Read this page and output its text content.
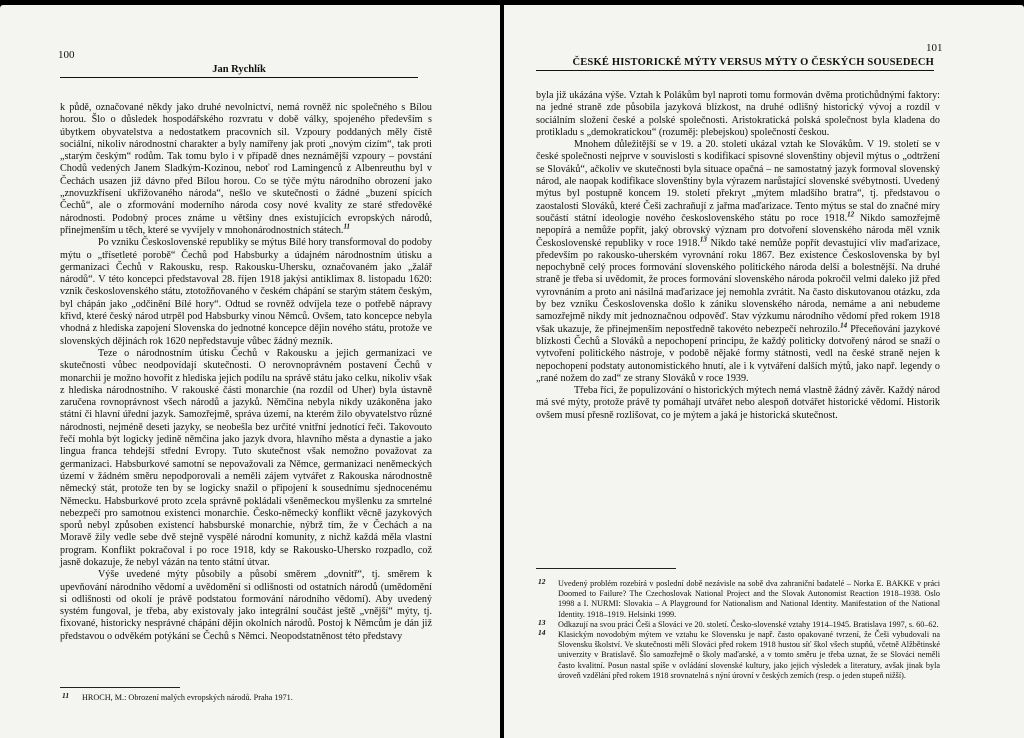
100
Jan Rychlík

k půdě, označované někdy jako druhé nevolnictví, nemá rovněž nic společného s Bílou horou. Šlo o důsledek hospodářského rozvratu v době války, spojeného především s úbytkem obyvatelstva a nedostatkem pracovních sil. Vzpoury poddaných měly čistě sociální, nikoliv národnostní charakter a byly namířeny jak proti „novým cizím“, tak proti „starým českým“ rodům. Tak tomu bylo i v případě dnes neznámější vzpoury – povstání Chodů vedených Janem Sladkým-Kozinou, neboť rod Lamingenců z Albenreuthu byl v Čechách usazen již dávno před Bílou horou. Co se týče mýtu národního obrození jako „znovuzkřísení ukřižovaného národa“, nešlo ve skutečnosti o žádné „buzení spících Čechů“, ale o zformování moderního národa cosy nové kvality ze staré středověké národnosti. Podobný proces známe u většiny dnes existujících evropských národů, přinejmenším u těch, které se vyvíjely v mnohonárodnostních státech.$^{11}$

Po vzniku Československé republiky se mýtus Bílé hory transformoval do podoby mýtu o „třísetleté porobě“ Čechů pod Habsburky a údajném národnostním útisku a germanizaci Čechů v Rakousku, resp. Rakousku-Uhersku, označovaném jako „žalář národů“. V této koncepci představoval 28. říjen 1918 jakýsi antiklimax 8. listopadu 1620: vznik československého státu, ztotožňovaného v českém chápání se starým státem českým, byl chápán jako „odčinění Bílé hory“. Odtud se rovněž odvíjela teze o potřebě nápravy křivd, které český národ utrpěl pod Habsburky vinou Němců. Ovšem, tato koncepce nebyla vhodná z hlediska zapojení Slovenska do jednotné koncepce dějin nového státu, protože ve slovenských dějinách rok 1620 nepředstavuje vůbec žádný mezník.

Teze o národnostním útisku Čechů v Rakousku a jejich germanizaci ve skutečnosti vůbec neodpovídají skutečnosti. O nerovnoprávném postavení Čechů v monarchii je možno hovořit z hlediska jejich podílu na správě státu jako celku, nikoliv však z hlediska národnostního. V rakouské části monarchie (na rozdíl od Uher) byla ústavně zaručena rovnoprávnost všech národů a jazyků. Němčina nebyla nikdy uzákoněna jako státní či hlavní úřední jazyk. Samozřejmě, správa území, na kterém žilo obyvatelstvo různé národnosti, nejméně deseti jazyky, se neobešla bez určité vnitřní jednotící řeči. Takovouto řečí mohla být logicky jedině němčina jako jazyk dvora, hlavního města a dynastie a jako lingua franca tehdejší střední Evropy. Tuto skutečnost však nemožno považovat za germanizaci. Habsburkové samotní se nepovažovali za Němce, germanizaci neněmeckých území v žádném směru nepodporovali a neměli zájem vytvářet z Rakouska národnostně německý stát, protože ten by se logicky snažil o připojení k sousednímu sjednocenému Německu. Habsburkové proto zcela správně pokládali všeněmeckou myšlenku za smrtelné nebezpečí pro samotnou existenci monarchie. Česko-německý konflikt věcně jazykových sporů nebyl způsoben existencí habsburské monarchie, nýbrž tím, že v Čechách a na Moravě žily vedle sebe dvě stejně vyspělé národní komunity, z nichž každá měla vlastní program. Konflikt pokračoval i po roce 1918, kdy se Rakousko-Uhersko rozpadlo, což jasně dokazuje, že nebyl vázán na tento státní útvar.

Výše uvedené mýty působily a působí směrem „dovnitř“, tj. směrem k upevňování národního vědomí a uvědomění si odlišnosti od ostatních národů (umědomění si odlišnosti od okolí je právě podstatou formování národního vědomí). Aby uvedený systém fungoval, je třeba, aby existovaly jako integrální součást ještě „vnější“ mýty, tj. fixované, historicky nesprávné chápání dějin okolních národů. Postoj k Němcům je dán již představou o odvěkém potýkání se Čechů s Němci. Neopodstatněnost této představy

11 HROCH, M.: Obrození malých evropských národů. Praha 1971.
101
ČESKÉ HISTORICKÉ MÝTY VERSUS MÝTY O ČESKÝCH SOUSEDECH

byla již ukázána výše. Vztah k Polákům byl naproti tomu formován dvěma protichůdnými faktory: na jedné straně zde působila jazyková blízkost, na druhé odlišný historický vývoj a rozdíl v sociálním složení české a polské společnosti. Aristokratická polská společnost byla kladena do protikladu s „demokratickou“ (rozuměj: plebejskou) společností českou.

Mnohem důležitější se v 19. a 20. století ukázal vztah ke Slovákům. V 19. století se v české společnosti nejprve v souvislosti s kodifikací spisovné slovenštiny objevil mýtus o „odtržení se Slováků“, ačkoliv ve skutečnosti byla situace opačná – ne samostatný jazyk formoval slovenský národ, ale naopak kodifikace slovenštiny byla výrazem narůstající slovenské svébytnosti. Uvedený mýtus byl postupně koncem 19. století překryt „mýtem mladšího bratra“, tj. představou o zaostalosti Slováků, které Češi zachraňují z jařma maďarizace. Tento mýtus se stal do značné míry součástí státní ideologie nového československého státu po roce 1918.12 Nikdo samozřejmě nepopírá a nemůže popřít, jaký obrovský význam pro dotvoření slovenského národa měl vznik Československé republiky v roce 1918.13 Nikdo také nemůže popřít devastující vliv maďarizace, především po rakousko-uherském vyrovnání roku 1867. Bez existence Československa by byl nepochybně celý proces formování slovenského politického národa delší a bolestnější. Na druhé straně je třeba si uvědomit, že proces formování slovenského národa pokročil velmi daleko již před vyrovnáním a proto ani násilná maďarizace jej nemohla zvrátit. Na často diskutovanou otázku, zda by bez vzniku Československa došlo k zániku slovenského národa, nemáme a ani nebudeme samozřejmě nikdy mít jednoznačnou odpověď. Stav výzkumu národního vědomí před rokem 1918 však ukazuje, že přinejmenším nepostředně takovéto nebezpečí nehrozilo.$^{14}$ Přeceňování jazykové blízkosti Čechů a Slováků a nepochopení principu, že každý politicky dotvořený národ se snaží o vytvoření politického nástroje, v podobě nějaké formy státnosti, vedl na české straně nejen k nepochopení podstaty autonomistického hnutí, ale i k vytváření dalších mýtů, jako např. legendy o „rané nožem do zad“ ze strany Slováků v roce 1939.

Třeba říci, že populizování o historických mýtech nemá vlastně žádný závěr. Každý národ má své mýty, protože právě ty pomáhají utvářet nebo alespoň dotvářet historické vědomí. Historik ovšem musí přesně rozlišovat, co je mýtem a jaká je historická skutečnost.

12 Uvedený problém rozebírá v poslední době nezávisle na sobě dva zahraniční badatelé – Norka E. BAKKE v práci Doomed to Failure? The Czechoslovak National Project and the Slovak Autonomist Reaction 1918–1938. Oslo 1998 a I. NURMI: Slovakia – A Playground for Nationalism and National Identity. Manifestation of the National Identity. 1918–1919. Helsinki 1999.
13 Odkazují na svou práci Češi a Slováci ve 20. století. Česko-slovenské vztahy 1914–1945. Bratislava 1997, s. 60–62.
14 Klasickým novodobým mýtem ve vztahu ke Slovensku je např. často opakované tvrzení, že Češi vybudovali na Slovensku školství. Ve skutečnosti měli Slováci před rokem 1918 hustou síť škol všech stupňů, včetně Alžbětinské univerzity v Bratislavě. Šlo samozřejmě o školy maďarské, a v tomto směru je třeba uznat, že se Slováci neměli často kvalitní. Posun nastal spíše v ovládání slovenské kultury, jako jejich výsledek a literatury, avšak jinak byla úroveň vzdělání před rokem 1918 srovnatelná s nýní úrovní v českých zemích (resp. o jeden stupeň nižší).
